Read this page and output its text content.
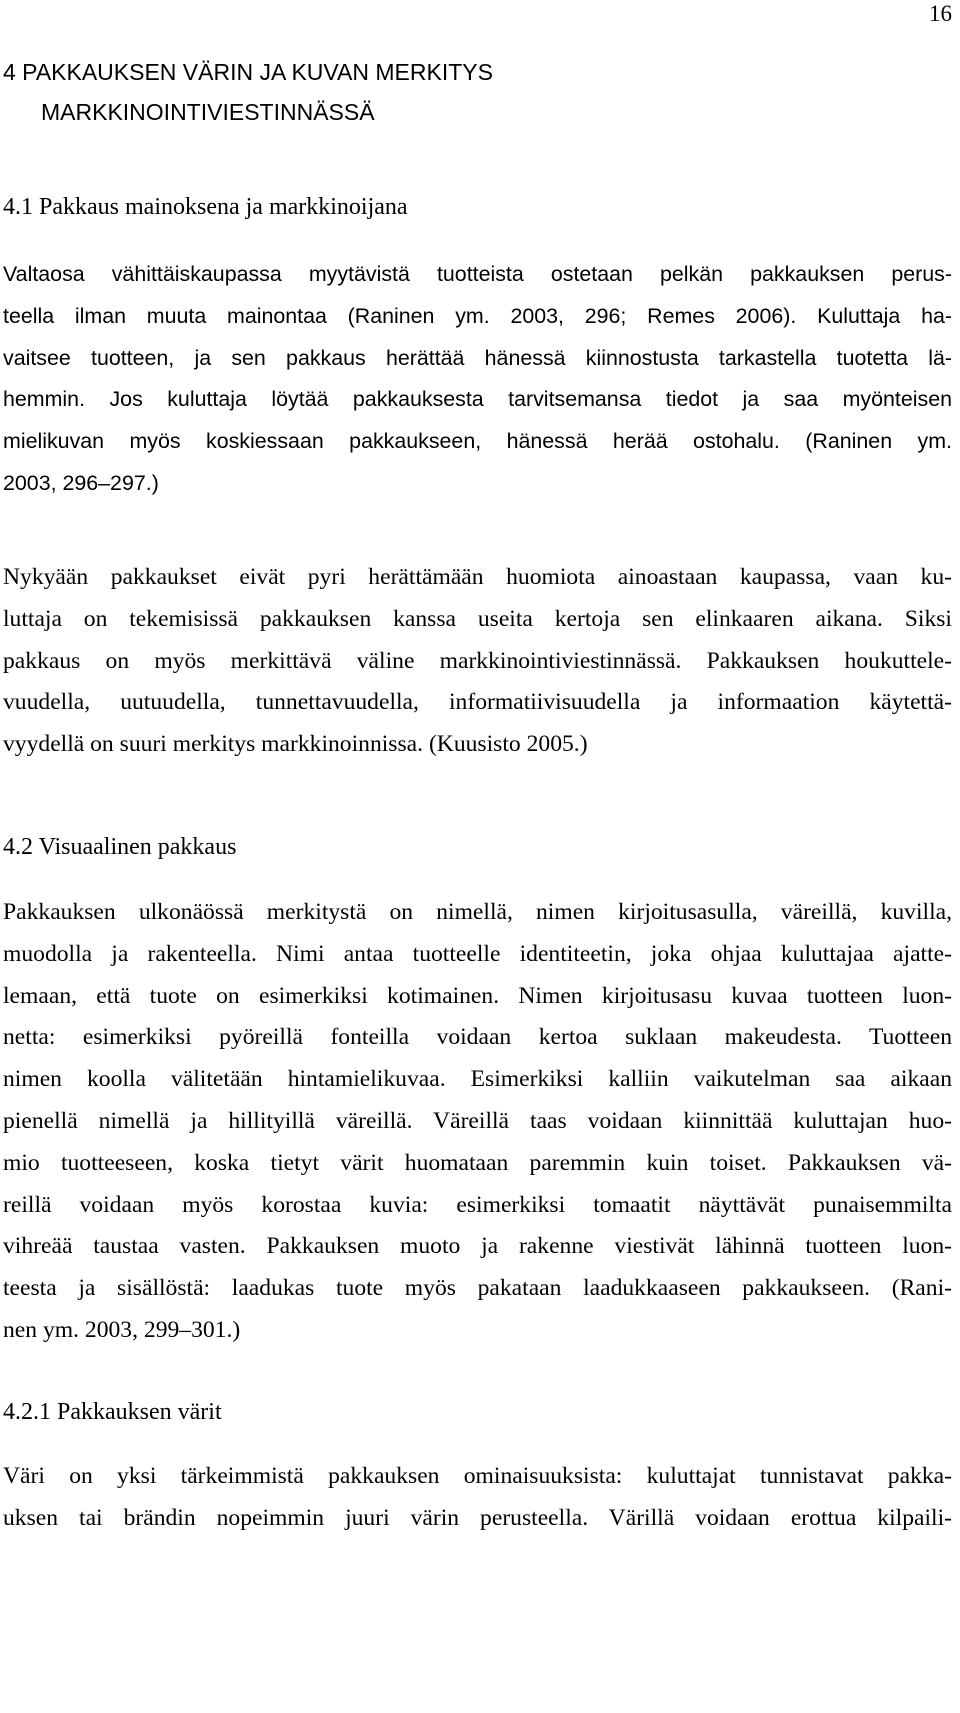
16
4 PAKKAUKSEN VÄRIN JA KUVAN MERKITYS
MARKKINOINTIVIESTINNÄSSÄ
4.1 Pakkaus mainoksena ja markkinoijana

Valtaosa vähittäiskaupassa myytävistä tuotteista ostetaan pelkän pakkauksen perus-
teella ilman muuta mainontaa (Raninen ym. 2003, 296; Remes 2006). Kuluttaja ha-
vaitsee tuotteen, ja sen pakkaus herättää hänessä kiinnostusta tarkastella tuotetta lä-
hemmin. Jos kuluttaja löytää pakkauksesta tarvitsemansa tiedot ja saa myönteisen
mielikuvan myös koskiessaan pakkaukseen, hänessä herää ostohalu. (Raninen ym.
2003, 296–297.)

Nykyään pakkaukset eivät pyri herättämään huomiota ainoastaan kaupassa, vaan ku-
luttaja on tekemisissä pakkauksen kanssa useita kertoja sen elinkaaren aikana. Siksi
pakkaus on myös merkittävä väline markkinointiviestinnässä. Pakkauksen houkuttele-
vuudella, uutuudella, tunnettavuudella, informatiivisuudella ja informaation käytettä-
vyydellä on suuri merkitys markkinoinnissa. (Kuusisto 2005.)

4.2 Visuaalinen pakkaus

Pakkauksen ulkonäössä merkitystä on nimellä, nimen kirjoitusasulla, väreillä, kuvilla,
muodolla ja rakenteella. Nimi antaa tuotteelle identiteetin, joka ohjaa kuluttajaa ajatte-
lemaan, että tuote on esimerkiksi kotimainen. Nimen kirjoitusasu kuvaa tuotteen luon-
netta: esimerkiksi pyöreillä fonteilla voidaan kertoa suklaan makeudesta. Tuotteen
nimen koolla välitetään hintamielikuvaa. Esimerkiksi kalliin vaikutelman saa aikaan
pienellä nimellä ja hillityillä väreillä. Väreillä taas voidaan kiinnittää kuluttajan huo-
mio tuotteeseen, koska tietyt värit huomataan paremmin kuin toiset. Pakkauksen vä-
reillä voidaan myös korostaa kuvia: esimerkiksi tomaatit näyttävät punaisemmilta
vihreää taustaa vasten. Pakkauksen muoto ja rakenne viestivät lähinnä tuotteen luon-
teesta ja sisällöstä: laadukas tuote myös pakataan laadukkaaseen pakkaukseen. (Rani-
nen ym. 2003, 299–301.)

4.2.1 Pakkauksen värit

Väri on yksi tärkeimmistä pakkauksen ominaisuuksista: kuluttajat tunnistavat pakka-
uksen tai brändin nopeimmin juuri värin perusteella. Värillä voidaan erottua kilpaili-
